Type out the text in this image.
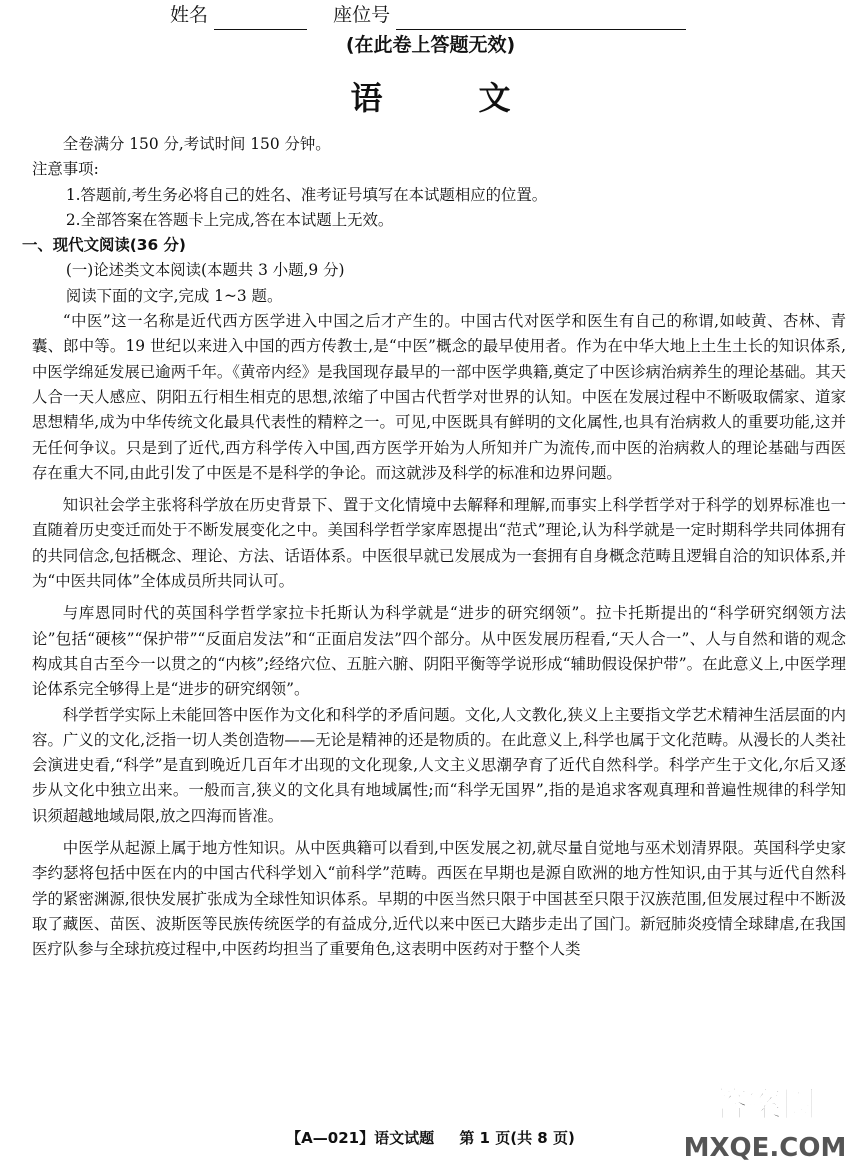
姓名	座位号
(在此卷上答题无效)
语文

全卷满分 150 分,考试时间 150 分钟。

注意事项:

1.答题前,考生务必将自己的姓名、准考证号填写在本试题相应的位置。

2.全部答案在答题卡上完成,答在本试题上无效。

一、现代文阅读(36 分)

(一)论述类文本阅读(本题共 3 小题,9 分)

阅读下面的文字,完成 1~3 题。

“中医”这一名称是近代西方医学进入中国之后才产生的。中国古代对医学和医生有自己的称谓,如岐黄、杏林、青囊、郎中等。19 世纪以来进入中国的西方传教士,是“中医”概念的最早使用者。作为在中华大地上土生土长的知识体系,中医学绵延发展已逾两千年。《黄帝内经》是我国现存最早的一部中医学典籍,奠定了中医诊病治病养生的理论基础。其天人合一天人感应、阴阳五行相生相克的思想,浓缩了中国古代哲学对世界的认知。中医在发展过程中不断吸取儒家、道家思想精华,成为中华传统文化最具代表性的精粹之一。可见,中医既具有鲜明的文化属性,也具有治病救人的重要功能,这并无任何争议。只是到了近代,西方科学传入中国,西方医学开始为人所知并广为流传,而中医的治病救人的理论基础与西医存在重大不同,由此引发了中医是不是科学的争论。而这就涉及科学的标准和边界问题。

知识社会学主张将科学放在历史背景下、置于文化情境中去解释和理解,而事实上科学哲学对于科学的划界标准也一直随着历史变迁而处于不断发展变化之中。美国科学哲学家库恩提出“范式”理论,认为科学就是一定时期科学共同体拥有的共同信念,包括概念、理论、方法、话语体系。中医很早就已发展成为一套拥有自身概念范畴且逻辑自洽的知识体系,并为“中医共同体”全体成员所共同认可。

与库恩同时代的英国科学哲学家拉卡托斯认为科学就是“进步的研究纲领”。拉卡托斯提出的“科学研究纲领方法论”包括“硬核”“保护带”“反面启发法”和“正面启发法”四个部分。从中医发展历程看,“天人合一”、人与自然和谐的观念构成其自古至今一以贯之的“内核”;经络穴位、五脏六腑、阴阳平衡等学说形成“辅助假设保护带”。在此意义上,中医学理论体系完全够得上是“进步的研究纲领”。

科学哲学实际上未能回答中医作为文化和科学的矛盾问题。文化,人文教化,狭义上主要指文学艺术精神生活层面的内容。广义的文化,泛指一切人类创造物——无论是精神的还是物质的。在此意义上,科学也属于文化范畴。从漫长的人类社会演进史看,“科学”是直到晚近几百年才出现的文化现象,人文主义思潮孕育了近代自然科学。科学产生于文化,尔后又逐步从文化中独立出来。一般而言,狭义的文化具有地域属性;而“科学无国界”,指的是追求客观真理和普遍性规律的科学知识须超越地域局限,放之四海而皆准。

中医学从起源上属于地方性知识。从中医典籍可以看到,中医发展之初,就尽量自觉地与巫术划清界限。英国科学史家李约瑟将包括中医在内的中国古代科学划入“前科学”范畴。西医在早期也是源自欧洲的地方性知识,由于其与近代自然科学的紧密渊源,很快发展扩张成为全球性知识体系。早期的中医当然只限于中国甚至只限于汉族范围,但发展过程中不断汲取了藏医、苗医、波斯医等民族传统医学的有益成分,近代以来中医已大踏步走出了国门。新冠肺炎疫情全球肆虐,在我国医疗队参与全球抗疫过程中,中医药均担当了重要角色,这表明中医药对于整个人类

【A—021】语文试题 第 1 页(共 8 页)
答案圈
MXQE.COM
